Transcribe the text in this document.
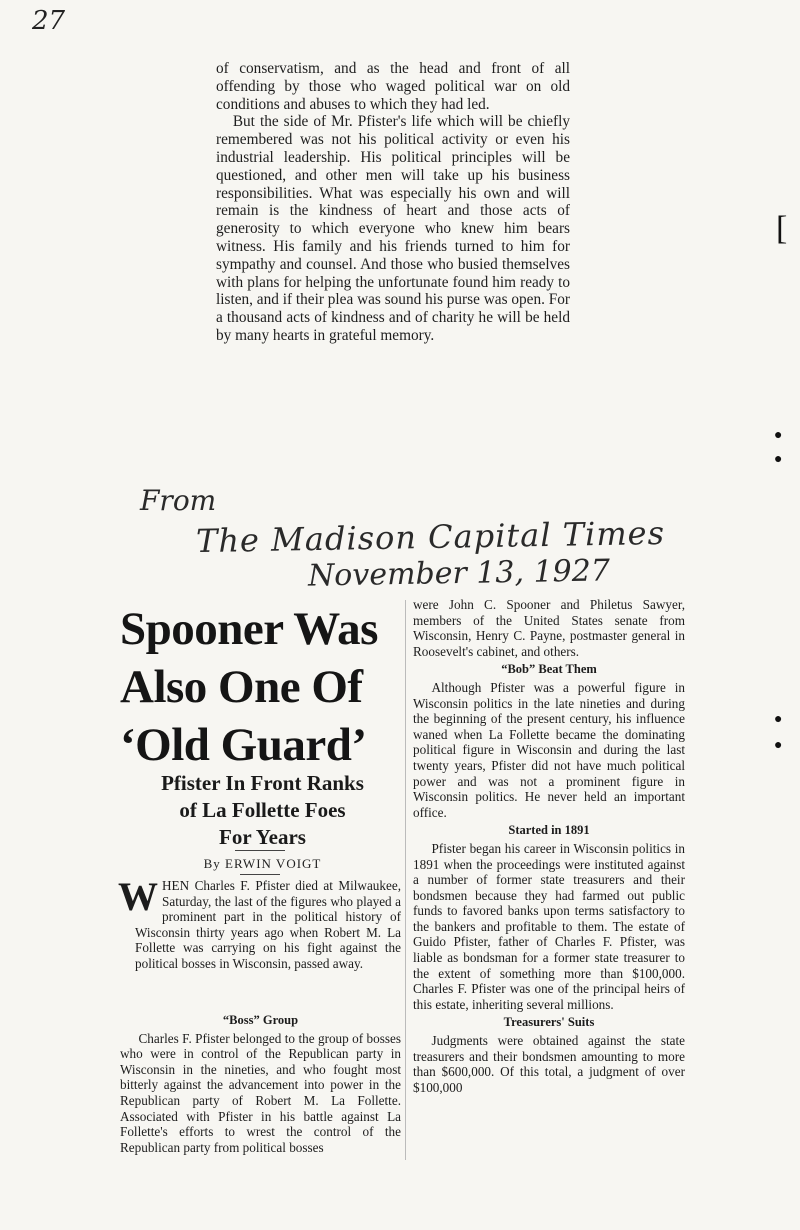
27
[
●
●
●
●

of conservatism, and as the head and front of all offending by those who waged political war on old conditions and abuses to which they had led.

But the side of Mr. Pfister's life which will be chiefly remembered was not his political activity or even his industrial leadership. His political principles will be questioned, and other men will take up his business responsibilities. What was especially his own and will remain is the kindness of heart and those acts of generosity to which everyone who knew him bears witness. His family and his friends turned to him for sympathy and counsel. And those who busied themselves with plans for helping the unfortunate found him ready to listen, and if their plea was sound his purse was open. For a thousand acts of kindness and of charity he will be held by many hearts in grateful memory.

From
The Madison Capital Times
November 13, 1927
Spooner Was
Also One Of
‘Old Guard’
Pfister In Front Ranks
of La Follette Foes
For Years
By ERWIN VOIGT

WHEN Charles F. Pfister died at Milwaukee, Saturday, the last of the figures who played a prominent part in the political history of Wisconsin thirty years ago when Robert M. La Follette was carrying on his fight against the political bosses in Wisconsin, passed away.

“Boss” Group

Charles F. Pfister belonged to the group of bosses who were in control of the Republican party in Wisconsin in the nineties, and who fought most bitterly against the advancement into power in the Republican party of Robert M. La Follette. Associated with Pfister in his battle against La Follette's efforts to wrest the control of the Republican party from political bosses

were John C. Spooner and Philetus Sawyer, members of the United States senate from Wisconsin, Henry C. Payne, postmaster general in Roosevelt's cabinet, and others.

“Bob” Beat Them

Although Pfister was a powerful figure in Wisconsin politics in the late nineties and during the beginning of the present century, his influence waned when La Follette became the dominating political figure in Wisconsin and during the last twenty years, Pfister did not have much political power and was not a prominent figure in Wisconsin politics. He never held an important office.

Started in 1891

Pfister began his career in Wisconsin politics in 1891 when the proceedings were instituted against a number of former state treasurers and their bondsmen because they had farmed out public funds to favored banks upon terms satisfactory to the bankers and profitable to them. The estate of Guido Pfister, father of Charles F. Pfister, was liable as bondsman for a former state treasurer to the extent of something more than $100,000. Charles F. Pfister was one of the principal heirs of this estate, inheriting several millions.

Treasurers' Suits

Judgments were obtained against the state treasurers and their bondsmen amounting to more than $600,000. Of this total, a judgment of over $100,000
